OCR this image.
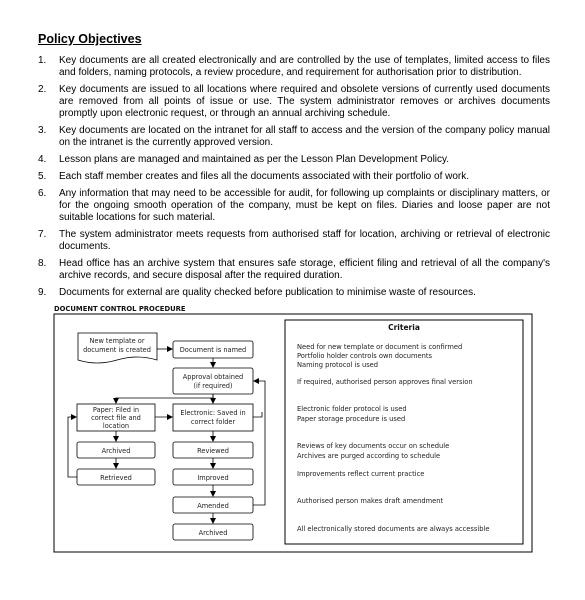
Policy Objectives
1. Key documents are all created electronically and are controlled by the use of templates, limited access to files and folders, naming protocols, a review procedure, and requirement for authorisation prior to distribution.
2. Key documents are issued to all locations where required and obsolete versions of currently used documents are removed from all points of issue or use. The system administrator removes or archives documents promptly upon electronic request, or through an annual archiving schedule.
3. Key documents are located on the intranet for all staff to access and the version of the company policy manual on the intranet is the currently approved version.
4. Lesson plans are managed and maintained as per the Lesson Plan Development Policy.
5. Each staff member creates and files all the documents associated with their portfolio of work.
6. Any information that may need to be accessible for audit, for following up complaints or disciplinary matters, or for the ongoing smooth operation of the company, must be kept on files. Diaries and loose paper are not suitable locations for such material.
7. The system administrator meets requests from authorised staff for location, archiving or retrieval of electronic documents.
8. Head office has an archive system that ensures safe storage, efficient filing and retrieval of all the company's archive records, and secure disposal after the required duration.
9. Documents for external are quality checked before publication to minimise waste of resources.
DOCUMENT CONTROL PROCEDURE
New template or
document is created	Document is named
Approval obtained
(if required)
Paper: Filed in
correct file and
location
Electronic: Saved in
correct folder
Archived
Retrieved
Reviewed
Improved
Amended
Archived
Criteria
Need for new template or document is confirmed
Portfolio holder controls own documents
Naming protocol is used
If required, authorised person approves final version
Electronic folder protocol is used
Paper storage procedure is used
Reviews of key documents occur on schedule
Archives are purged according to schedule
Improvements reflect current practice
Authorised person makes draft amendment
All electronically stored documents are always accessible
